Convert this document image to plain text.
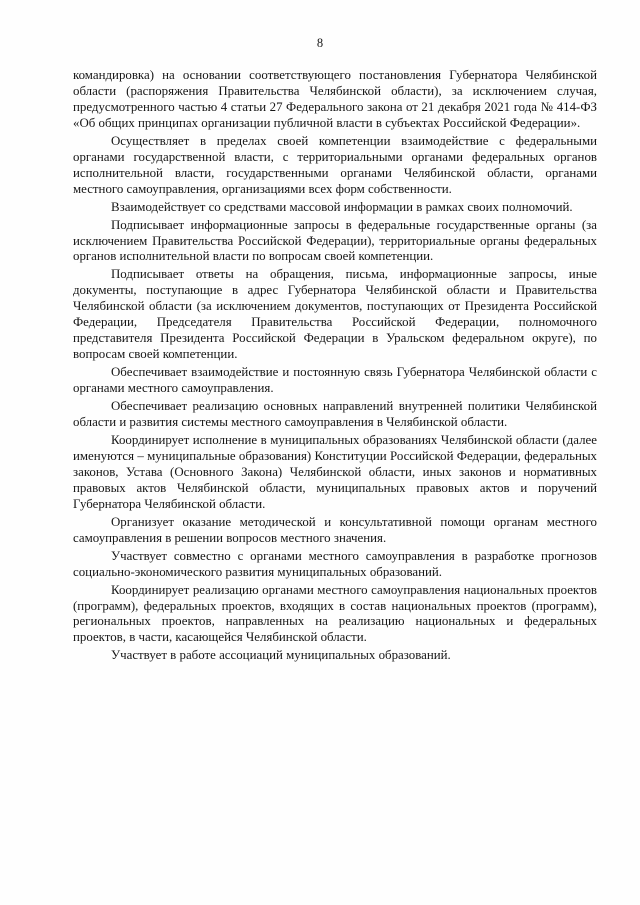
8

командировка) на основании соответствующего постановления Губернатора Челябинской области (распоряжения Правительства Челябинской области), за исключением случая, предусмотренного частью 4 статьи 27 Федерального закона от 21 декабря 2021 года № 414-ФЗ «Об общих принципах организации публичной власти в субъектах Российской Федерации».

Осуществляет в пределах своей компетенции взаимодействие с федеральными органами государственной власти, с территориальными органами федеральных органов исполнительной власти, государственными органами Челябинской области, органами местного самоуправления, организациями всех форм собственности.

Взаимодействует со средствами массовой информации в рамках своих полномочий.

Подписывает информационные запросы в федеральные государственные органы (за исключением Правительства Российской Федерации), территориальные органы федеральных органов исполнительной власти по вопросам своей компетенции.

Подписывает ответы на обращения, письма, информационные запросы, иные документы, поступающие в адрес Губернатора Челябинской области и Правительства Челябинской области (за исключением документов, поступающих от Президента Российской Федерации, Председателя Правительства Российской Федерации, полномочного представителя Президента Российской Федерации в Уральском федеральном округе), по вопросам своей компетенции.

Обеспечивает взаимодействие и постоянную связь Губернатора Челябинской области с органами местного самоуправления.

Обеспечивает реализацию основных направлений внутренней политики Челябинской области и развития системы местного самоуправления в Челябинской области.

Координирует исполнение в муниципальных образованиях Челябинской области (далее именуются – муниципальные образования) Конституции Российской Федерации, федеральных законов, Устава (Основного Закона) Челябинской области, иных законов и нормативных правовых актов Челябинской области, муниципальных правовых актов и поручений Губернатора Челябинской области.

Организует оказание методической и консультативной помощи органам местного самоуправления в решении вопросов местного значения.

Участвует совместно с органами местного самоуправления в разработке прогнозов социально-экономического развития муниципальных образований.

Координирует реализацию органами местного самоуправления национальных проектов (программ), федеральных проектов, входящих в состав национальных проектов (программ), региональных проектов, направленных на реализацию национальных и федеральных проектов, в части, касающейся Челябинской области.

Участвует в работе ассоциаций муниципальных образований.
